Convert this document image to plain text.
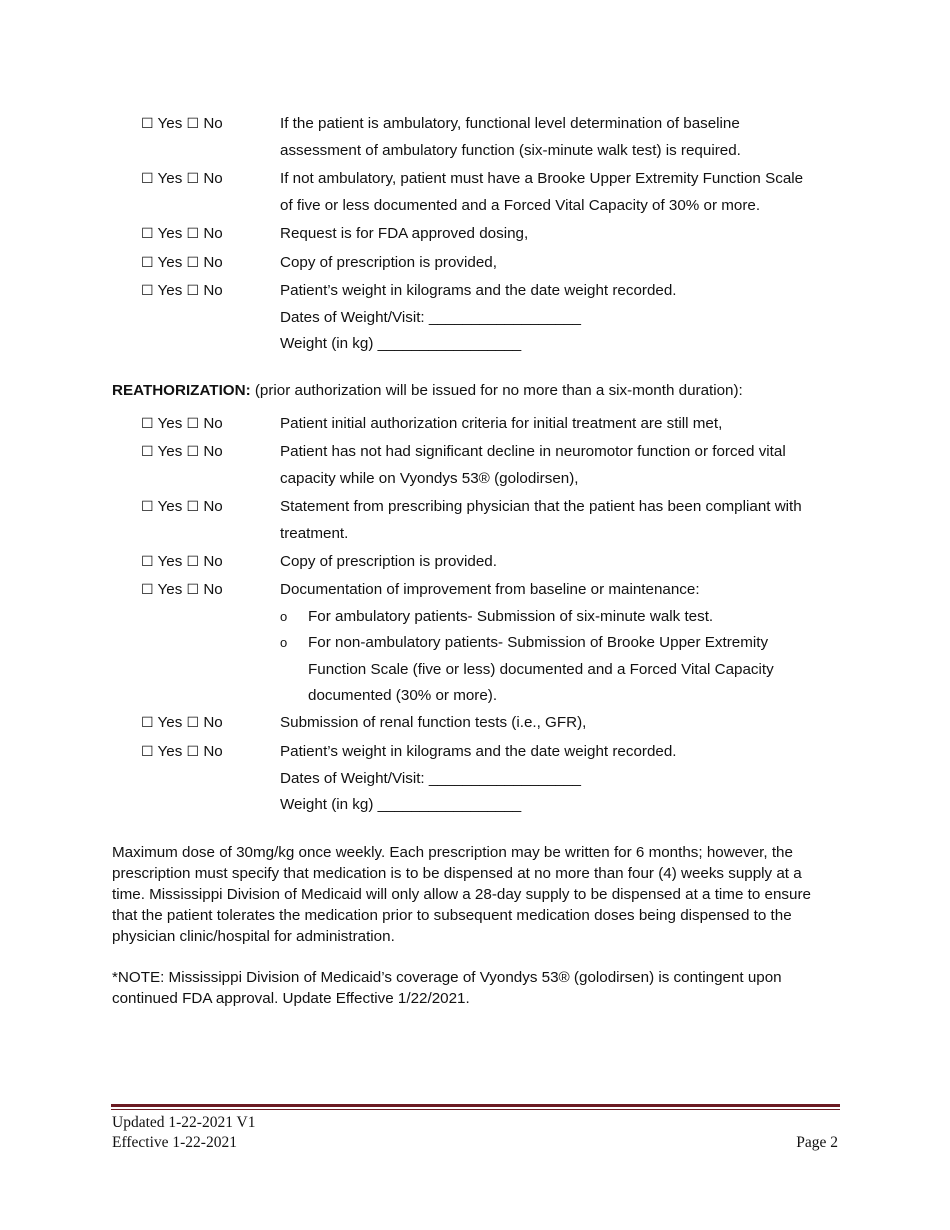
☐ Yes ☐ No	If the patient is ambulatory, functional level determination of baseline
assessment of ambulatory function (six-minute walk test) is required.
☐ Yes ☐ No	If not ambulatory, patient must have a Brooke Upper Extremity Function Scale
of five or less documented and a Forced Vital Capacity of 30% or more.
☐ Yes ☐ No	Request is for FDA approved dosing,
☐ Yes ☐ No	Copy of prescription is provided,
☐ Yes ☐ No	Patient’s weight in kilograms and the date weight recorded.
Dates of Weight/Visit: __________________
Weight (in kg) _________________
REATHORIZATION: (prior authorization will be issued for no more than a six-month duration):
☐ Yes ☐ No	Patient initial authorization criteria for initial treatment are still met,
☐ Yes ☐ No	Patient has not had significant decline in neuromotor function or forced vital
capacity while on Vyondys 53® (golodirsen),
☐ Yes ☐ No	Statement from prescribing physician that the patient has been compliant with
treatment.
☐ Yes ☐ No	Copy of prescription is provided.
☐ Yes ☐ No	Documentation of improvement from baseline or maintenance:
o For ambulatory patients- Submission of six-minute walk test.
o For non-ambulatory patients- Submission of Brooke Upper Extremity
Function Scale (five or less) documented and a Forced Vital Capacity
documented (30% or more).
☐ Yes ☐ No	Submission of renal function tests (i.e., GFR),
☐ Yes ☐ No	Patient’s weight in kilograms and the date weight recorded.
Dates of Weight/Visit: __________________
Weight (in kg) _________________
Maximum dose of 30mg/kg once weekly. Each prescription may be written for 6 months; however, the
prescription must specify that medication is to be dispensed at no more than four (4) weeks supply at a
time. Mississippi Division of Medicaid will only allow a 28-day supply to be dispensed at a time to ensure
that the patient tolerates the medication prior to subsequent medication doses being dispensed to the
physician clinic/hospital for administration.
*NOTE: Mississippi Division of Medicaid’s coverage of Vyondys 53® (golodirsen) is contingent upon
continued FDA approval. Update Effective 1/22/2021.
Updated 1-22-2021 V1
Effective 1-22-2021	Page 2
